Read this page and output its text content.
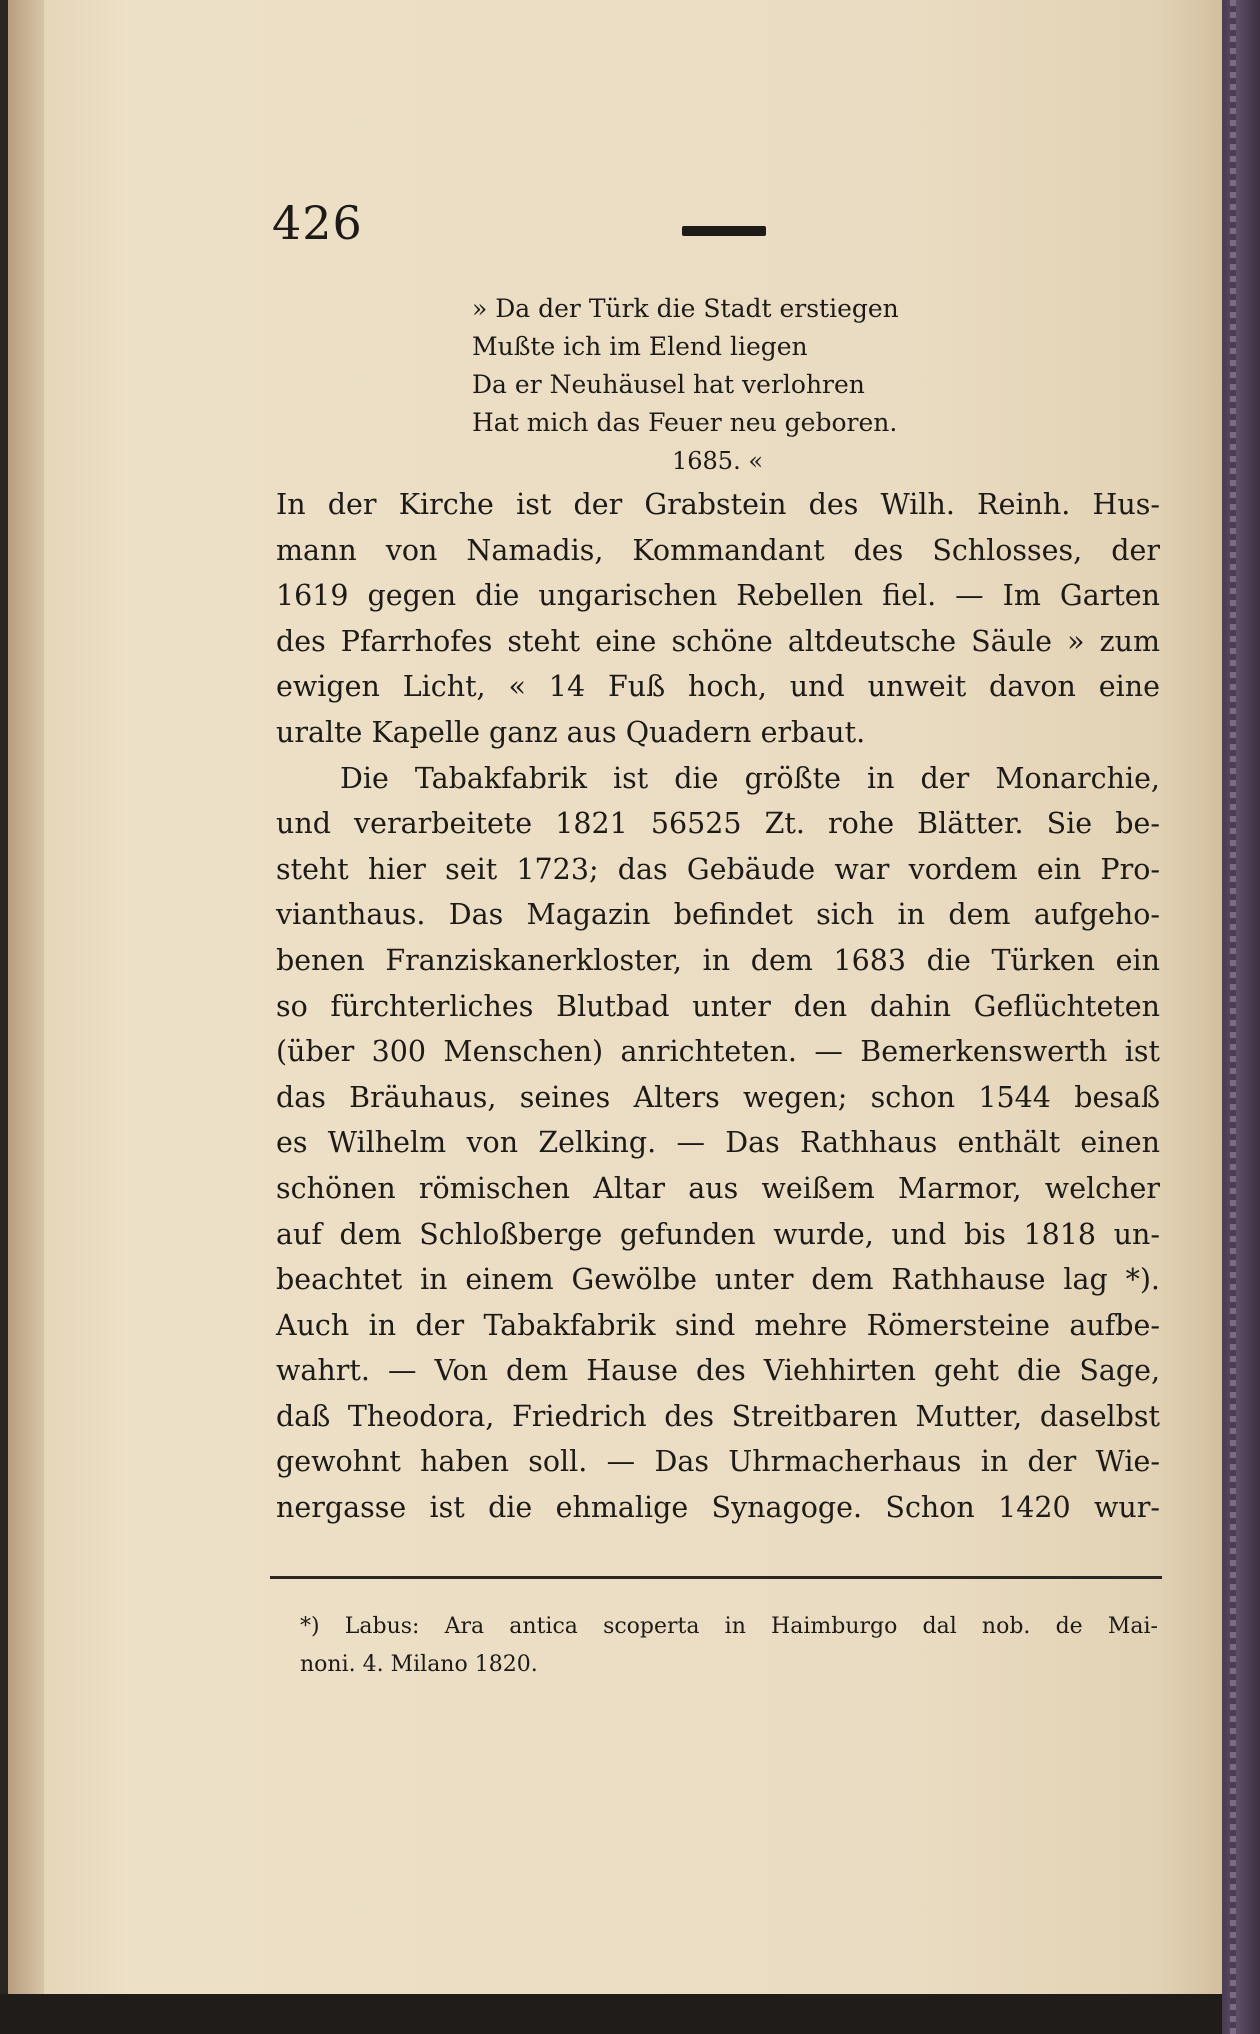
426
» Da der Türk die Stadt erstiegen
Mußte ich im Elend liegen
Da er Neuhäusel hat verlohren
Hat mich das Feuer neu geboren.
1685. «
In der Kirche ist der Grabstein des Wilh. Reinh. Hus-
mann von Namadis, Kommandant des Schlosses, der
1619 gegen die ungarischen Rebellen fiel. — Im Garten
des Pfarrhofes steht eine schöne altdeutsche Säule » zum
ewigen Licht, « 14 Fuß hoch, und unweit davon eine
uralte Kapelle ganz aus Quadern erbaut.
Die Tabakfabrik ist die größte in der Monarchie,
und verarbeitete 1821 56525 Zt. rohe Blätter. Sie be-
steht hier seit 1723; das Gebäude war vordem ein Pro-
vianthaus. Das Magazin befindet sich in dem aufgeho-
benen Franziskanerkloster, in dem 1683 die Türken ein
so fürchterliches Blutbad unter den dahin Geflüchteten
(über 300 Menschen) anrichteten. — Bemerkenswerth ist
das Bräuhaus, seines Alters wegen; schon 1544 besaß
es Wilhelm von Zelking. — Das Rathhaus enthält einen
schönen römischen Altar aus weißem Marmor, welcher
auf dem Schloßberge gefunden wurde, und bis 1818 un-
beachtet in einem Gewölbe unter dem Rathhause lag *).
Auch in der Tabakfabrik sind mehre Römersteine aufbe-
wahrt. — Von dem Hause des Viehhirten geht die Sage,
daß Theodora, Friedrich des Streitbaren Mutter, daselbst
gewohnt haben soll. — Das Uhrmacherhaus in der Wie-
nergasse ist die ehmalige Synagoge. Schon 1420 wur-
*) Labus: Ara antica scoperta in Haimburgo dal nob. de Mai-
noni. 4. Milano 1820.
